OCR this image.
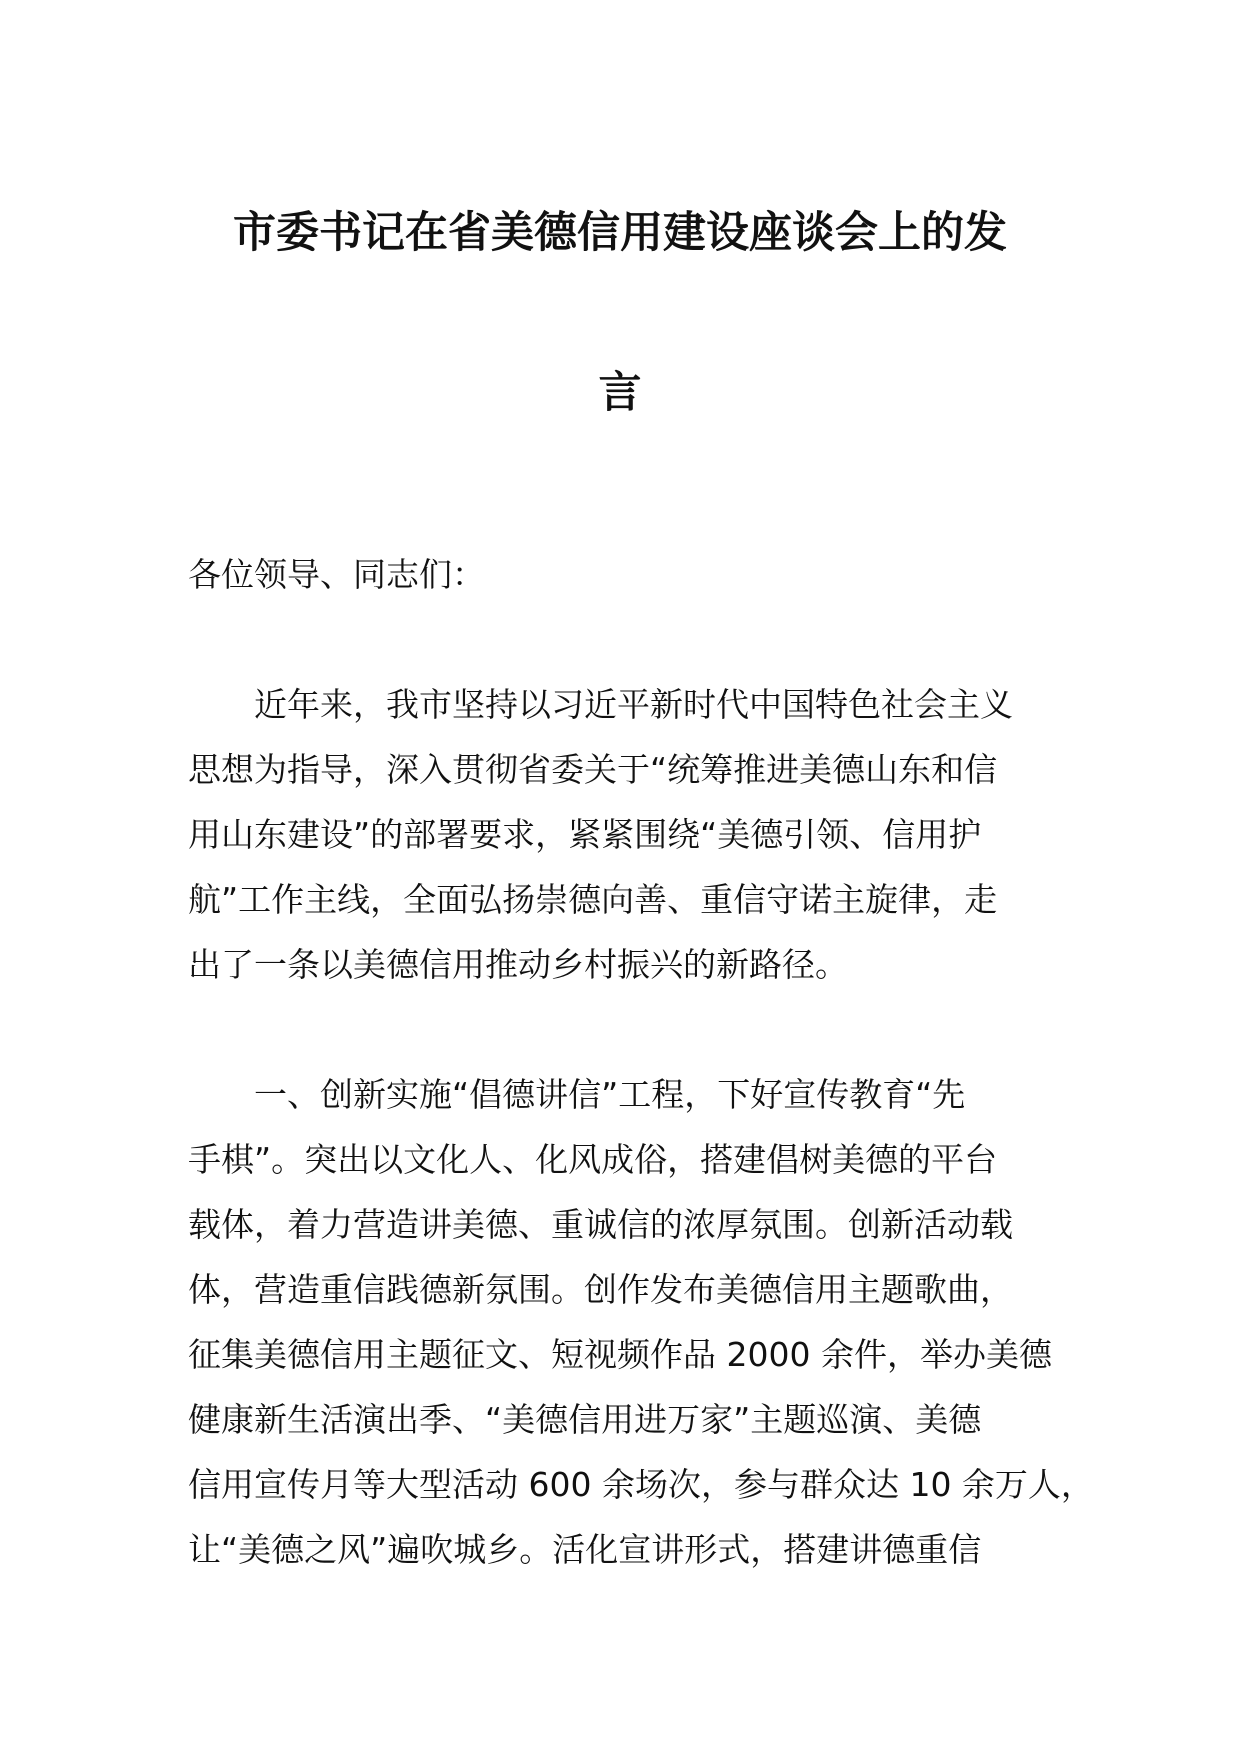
市委书记在省美德信用建设座谈会上的发
言
各位领导、同志们：
近年来，我市坚持以习近平新时代中国特色社会主义
思想为指导，深入贯彻省委关于“统筹推进美德山东和信
用山东建设”的部署要求，紧紧围绕“美德引领、信用护
航”工作主线，全面弘扬崇德向善、重信守诺主旋律，走
出了一条以美德信用推动乡村振兴的新路径。
一、创新实施“倡德讲信”工程，下好宣传教育“先
手棋”。突出以文化人、化风成俗，搭建倡树美德的平台
载体，着力营造讲美德、重诚信的浓厚氛围。创新活动载
体，营造重信践德新氛围。创作发布美德信用主题歌曲，
征集美德信用主题征文、短视频作品 2000 余件，举办美德
健康新生活演出季、“美德信用进万家”主题巡演、美德
信用宣传月等大型活动 600 余场次，参与群众达 10 余万人，
让“美德之风”遍吹城乡。活化宣讲形式，搭建讲德重信
